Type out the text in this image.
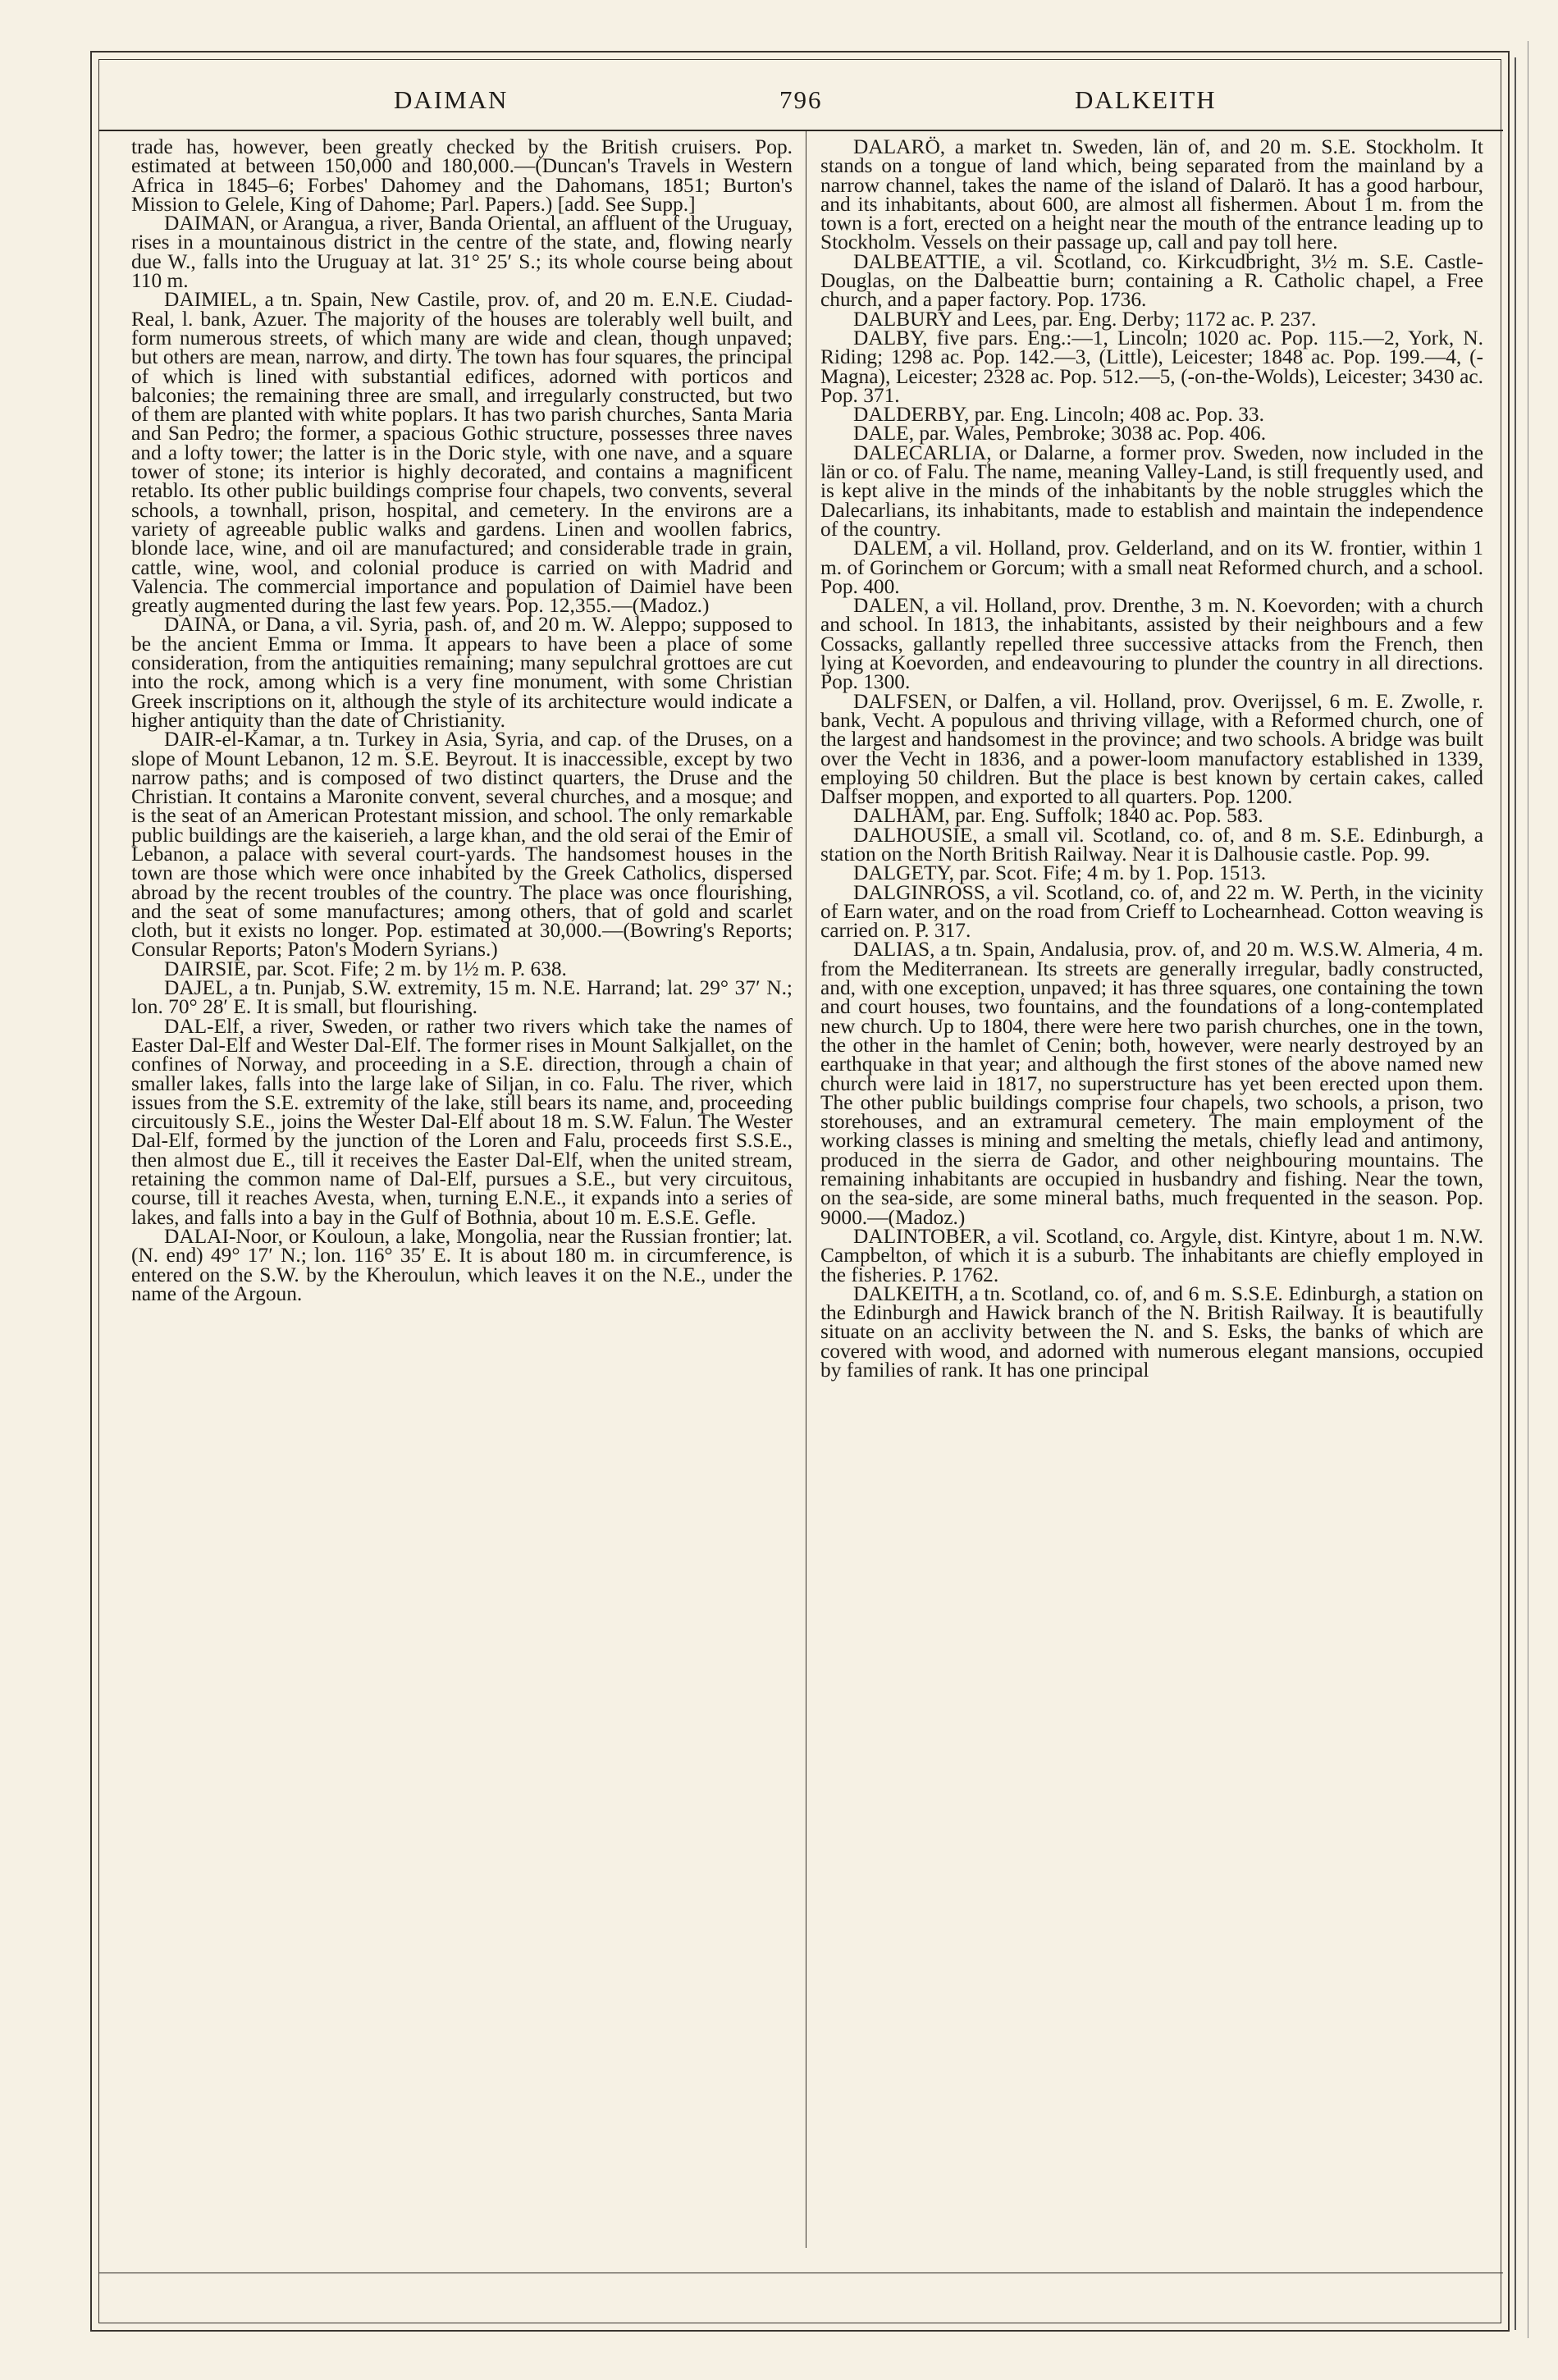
DAIMAN	796	DALKEITH

trade has, however, been greatly checked by the British cruisers. Pop. estimated at between 150,000 and 180,000.—(Duncan's Travels in Western Africa in 1845–6; Forbes' Dahomey and the Dahomans, 1851; Burton's Mission to Gelele, King of Dahome; Parl. Papers.) [add. See Supp.]

DAIMAN, or Arangua, a river, Banda Oriental, an affluent of the Uruguay, rises in a mountainous district in the centre of the state, and, flowing nearly due W., falls into the Uruguay at lat. 31° 25′ S.; its whole course being about 110 m.

DAIMIEL, a tn. Spain, New Castile, prov. of, and 20 m. E.N.E. Ciudad-Real, l. bank, Azuer. The majority of the houses are tolerably well built, and form numerous streets, of which many are wide and clean, though unpaved; but others are mean, narrow, and dirty. The town has four squares, the principal of which is lined with substantial edifices, adorned with porticos and balconies; the remaining three are small, and irregularly constructed, but two of them are planted with white poplars. It has two parish churches, Santa Maria and San Pedro; the former, a spacious Gothic structure, possesses three naves and a lofty tower; the latter is in the Doric style, with one nave, and a square tower of stone; its interior is highly decorated, and contains a magnificent retablo. Its other public buildings comprise four chapels, two convents, several schools, a townhall, prison, hospital, and cemetery. In the environs are a variety of agreeable public walks and gardens. Linen and woollen fabrics, blonde lace, wine, and oil are manufactured; and considerable trade in grain, cattle, wine, wool, and colonial produce is carried on with Madrid and Valencia. The commercial importance and population of Daimiel have been greatly augmented during the last few years. Pop. 12,355.—(Madoz.)

DAINA, or Dana, a vil. Syria, pash. of, and 20 m. W. Aleppo; supposed to be the ancient Emma or Imma. It appears to have been a place of some consideration, from the antiquities remaining; many sepulchral grottoes are cut into the rock, among which is a very fine monument, with some Christian Greek inscriptions on it, although the style of its architecture would indicate a higher antiquity than the date of Christianity.

DAIR-el-Kamar, a tn. Turkey in Asia, Syria, and cap. of the Druses, on a slope of Mount Lebanon, 12 m. S.E. Beyrout. It is inaccessible, except by two narrow paths; and is composed of two distinct quarters, the Druse and the Christian. It contains a Maronite convent, several churches, and a mosque; and is the seat of an American Protestant mission, and school. The only remarkable public buildings are the kaiserieh, a large khan, and the old serai of the Emir of Lebanon, a palace with several court-yards. The handsomest houses in the town are those which were once inhabited by the Greek Catholics, dispersed abroad by the recent troubles of the country. The place was once flourishing, and the seat of some manufactures; among others, that of gold and scarlet cloth, but it exists no longer. Pop. estimated at 30,000.—(Bowring's Reports; Consular Reports; Paton's Modern Syrians.)

DAIRSIE, par. Scot. Fife; 2 m. by 1½ m. P. 638.

DAJEL, a tn. Punjab, S.W. extremity, 15 m. N.E. Harrand; lat. 29° 37′ N.; lon. 70° 28′ E. It is small, but flourishing.

DAL-Elf, a river, Sweden, or rather two rivers which take the names of Easter Dal-Elf and Wester Dal-Elf. The former rises in Mount Salkjallet, on the confines of Norway, and proceeding in a S.E. direction, through a chain of smaller lakes, falls into the large lake of Siljan, in co. Falu. The river, which issues from the S.E. extremity of the lake, still bears its name, and, proceeding circuitously S.E., joins the Wester Dal-Elf about 18 m. S.W. Falun. The Wester Dal-Elf, formed by the junction of the Loren and Falu, proceeds first S.S.E., then almost due E., till it receives the Easter Dal-Elf, when the united stream, retaining the common name of Dal-Elf, pursues a S.E., but very circuitous, course, till it reaches Avesta, when, turning E.N.E., it expands into a series of lakes, and falls into a bay in the Gulf of Bothnia, about 10 m. E.S.E. Gefle.

DALAI-Noor, or Kouloun, a lake, Mongolia, near the Russian frontier; lat. (N. end) 49° 17′ N.; lon. 116° 35′ E. It is about 180 m. in circumference, is entered on the S.W. by the Kheroulun, which leaves it on the N.E., under the name of the Argoun.

DALARÖ, a market tn. Sweden, län of, and 20 m. S.E. Stockholm. It stands on a tongue of land which, being separated from the mainland by a narrow channel, takes the name of the island of Dalarö. It has a good harbour, and its inhabitants, about 600, are almost all fishermen. About 1 m. from the town is a fort, erected on a height near the mouth of the entrance leading up to Stockholm. Vessels on their passage up, call and pay toll here.

DALBEATTIE, a vil. Scotland, co. Kirkcudbright, 3½ m. S.E. Castle-Douglas, on the Dalbeattie burn; containing a R. Catholic chapel, a Free church, and a paper factory. Pop. 1736.

DALBURY and Lees, par. Eng. Derby; 1172 ac. P. 237.

DALBY, five pars. Eng.:—1, Lincoln; 1020 ac. Pop. 115.—2, York, N. Riding; 1298 ac. Pop. 142.—3, (Little), Leicester; 1848 ac. Pop. 199.—4, (-Magna), Leicester; 2328 ac. Pop. 512.—5, (-on-the-Wolds), Leicester; 3430 ac. Pop. 371.

DALDERBY, par. Eng. Lincoln; 408 ac. Pop. 33.

DALE, par. Wales, Pembroke; 3038 ac. Pop. 406.

DALECARLIA, or Dalarne, a former prov. Sweden, now included in the län or co. of Falu. The name, meaning Valley-Land, is still frequently used, and is kept alive in the minds of the inhabitants by the noble struggles which the Dalecarlians, its inhabitants, made to establish and maintain the independence of the country.

DALEM, a vil. Holland, prov. Gelderland, and on its W. frontier, within 1 m. of Gorinchem or Gorcum; with a small neat Reformed church, and a school. Pop. 400.

DALEN, a vil. Holland, prov. Drenthe, 3 m. N. Koevorden; with a church and school. In 1813, the inhabitants, assisted by their neighbours and a few Cossacks, gallantly repelled three successive attacks from the French, then lying at Koevorden, and endeavouring to plunder the country in all directions. Pop. 1300.

DALFSEN, or Dalfen, a vil. Holland, prov. Overijssel, 6 m. E. Zwolle, r. bank, Vecht. A populous and thriving village, with a Reformed church, one of the largest and handsomest in the province; and two schools. A bridge was built over the Vecht in 1836, and a power-loom manufactory established in 1339, employing 50 children. But the place is best known by certain cakes, called Dalfser moppen, and exported to all quarters. Pop. 1200.

DALHAM, par. Eng. Suffolk; 1840 ac. Pop. 583.

DALHOUSIE, a small vil. Scotland, co. of, and 8 m. S.E. Edinburgh, a station on the North British Railway. Near it is Dalhousie castle. Pop. 99.

DALGETY, par. Scot. Fife; 4 m. by 1. Pop. 1513.

DALGINROSS, a vil. Scotland, co. of, and 22 m. W. Perth, in the vicinity of Earn water, and on the road from Crieff to Lochearnhead. Cotton weaving is carried on. P. 317.

DALIAS, a tn. Spain, Andalusia, prov. of, and 20 m. W.S.W. Almeria, 4 m. from the Mediterranean. Its streets are generally irregular, badly constructed, and, with one exception, unpaved; it has three squares, one containing the town and court houses, two fountains, and the foundations of a long-contemplated new church. Up to 1804, there were here two parish churches, one in the town, the other in the hamlet of Cenin; both, however, were nearly destroyed by an earthquake in that year; and although the first stones of the above named new church were laid in 1817, no superstructure has yet been erected upon them. The other public buildings comprise four chapels, two schools, a prison, two storehouses, and an extramural cemetery. The main employment of the working classes is mining and smelting the metals, chiefly lead and antimony, produced in the sierra de Gador, and other neighbouring mountains. The remaining inhabitants are occupied in husbandry and fishing. Near the town, on the sea-side, are some mineral baths, much frequented in the season. Pop. 9000.—(Madoz.)

DALINTOBER, a vil. Scotland, co. Argyle, dist. Kintyre, about 1 m. N.W. Campbelton, of which it is a suburb. The inhabitants are chiefly employed in the fisheries. P. 1762.

DALKEITH, a tn. Scotland, co. of, and 6 m. S.S.E. Edinburgh, a station on the Edinburgh and Hawick branch of the N. British Railway. It is beautifully situate on an acclivity between the N. and S. Esks, the banks of which are covered with wood, and adorned with numerous elegant mansions, occupied by families of rank. It has one principal
